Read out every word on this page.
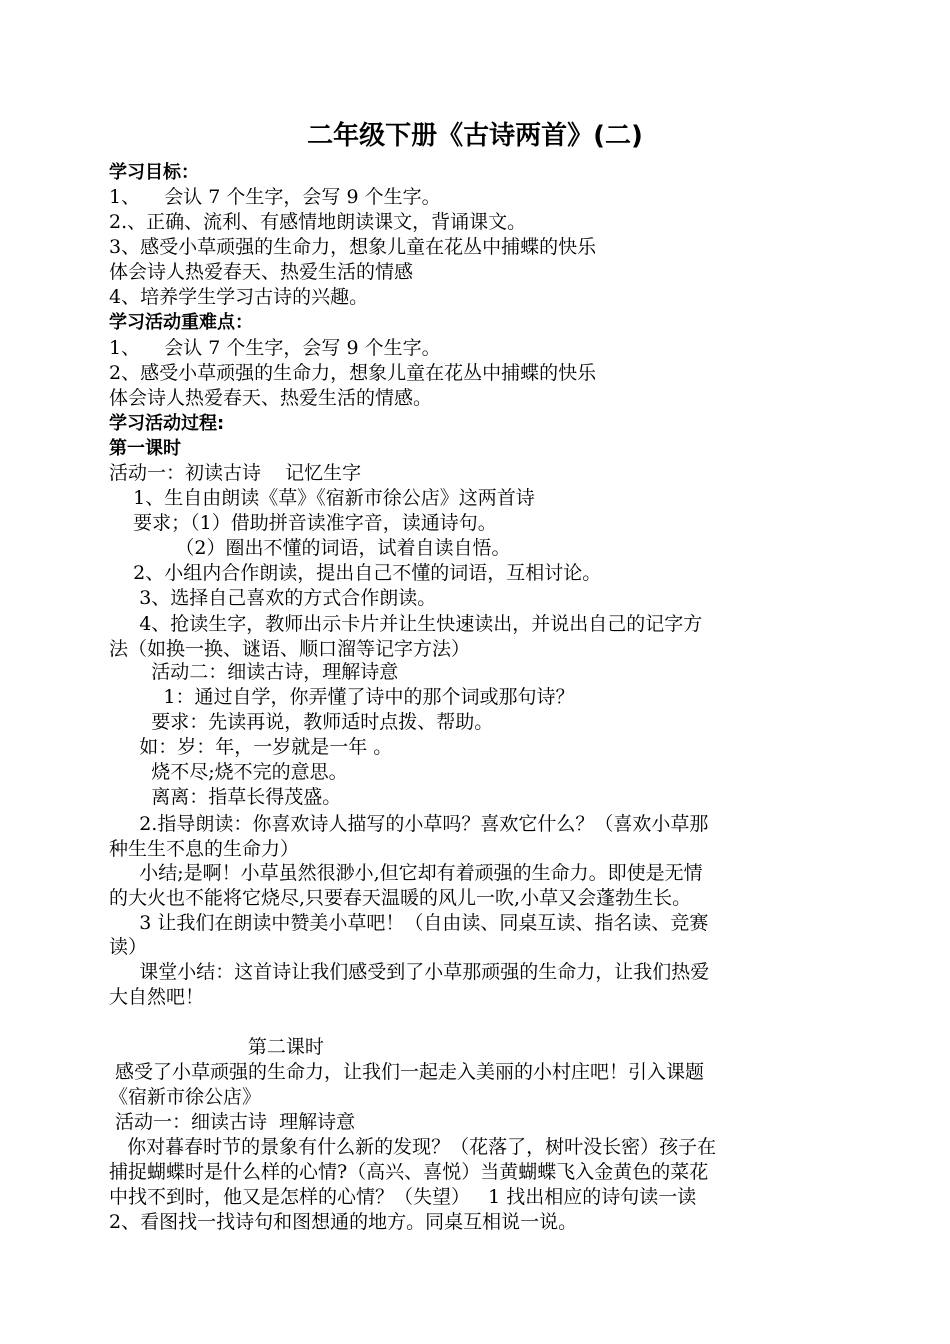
二年级下册《古诗两首》(二)
学习目标：
1、    会认 7 个生字，会写 9 个生字。
2.、正确、流利、有感情地朗读课文，背诵课文。
3、感受小草顽强的生命力，想象儿童在花丛中捕蝶的快乐
体会诗人热爱春天、热爱生活的情感
4、培养学生学习古诗的兴趣。
学习活动重难点：
1、    会认 7 个生字，会写 9 个生字。
2、感受小草顽强的生命力，想象儿童在花丛中捕蝶的快乐
体会诗人热爱春天、热爱生活的情感。
学习活动过程:
第一课时
活动一：初读古诗    记忆生字
1、生自由朗读《草》《宿新市徐公店》这两首诗
要求；（1）借助拼音读准字音，读通诗句。
（2）圈出不懂的词语，试着自读自悟。
2、小组内合作朗读，提出自己不懂的词语，互相讨论。
3、选择自己喜欢的方式合作朗读。
4、抢读生字，教师出示卡片并让生快速读出，并说出自己的记字方
法（如换一换、谜语、顺口溜等记字方法）
活动二：细读古诗，理解诗意
1：通过自学，你弄懂了诗中的那个词或那句诗？
要求：先读再说，教师适时点拨、帮助。
如：岁：年，一岁就是一年 。
烧不尽;烧不完的意思。
离离：指草长得茂盛。
2.指导朗读：你喜欢诗人描写的小草吗？喜欢它什么？（喜欢小草那
种生生不息的生命力）
小结;是啊！小草虽然很渺小,但它却有着顽强的生命力。即使是无情
的大火也不能将它烧尽,只要春天温暖的风儿一吹,小草又会蓬勃生长。
3 让我们在朗读中赞美小草吧！（自由读、同桌互读、指名读、竞赛
读）
课堂小结：这首诗让我们感受到了小草那顽强的生命力，让我们热爱
大自然吧！
第二课时
感受了小草顽强的生命力，让我们一起走入美丽的小村庄吧！引入课题
《宿新市徐公店》
活动一：细读古诗  理解诗意
你对暮春时节的景象有什么新的发现？（花落了，树叶没长密）孩子在
捕捉蝴蝶时是什么样的心情?（高兴、喜悦）当黄蝴蝶飞入金黄色的菜花
中找不到时，他又是怎样的心情？（失望）   1 找出相应的诗句读一读
2、看图找一找诗句和图想通的地方。同桌互相说一说。
